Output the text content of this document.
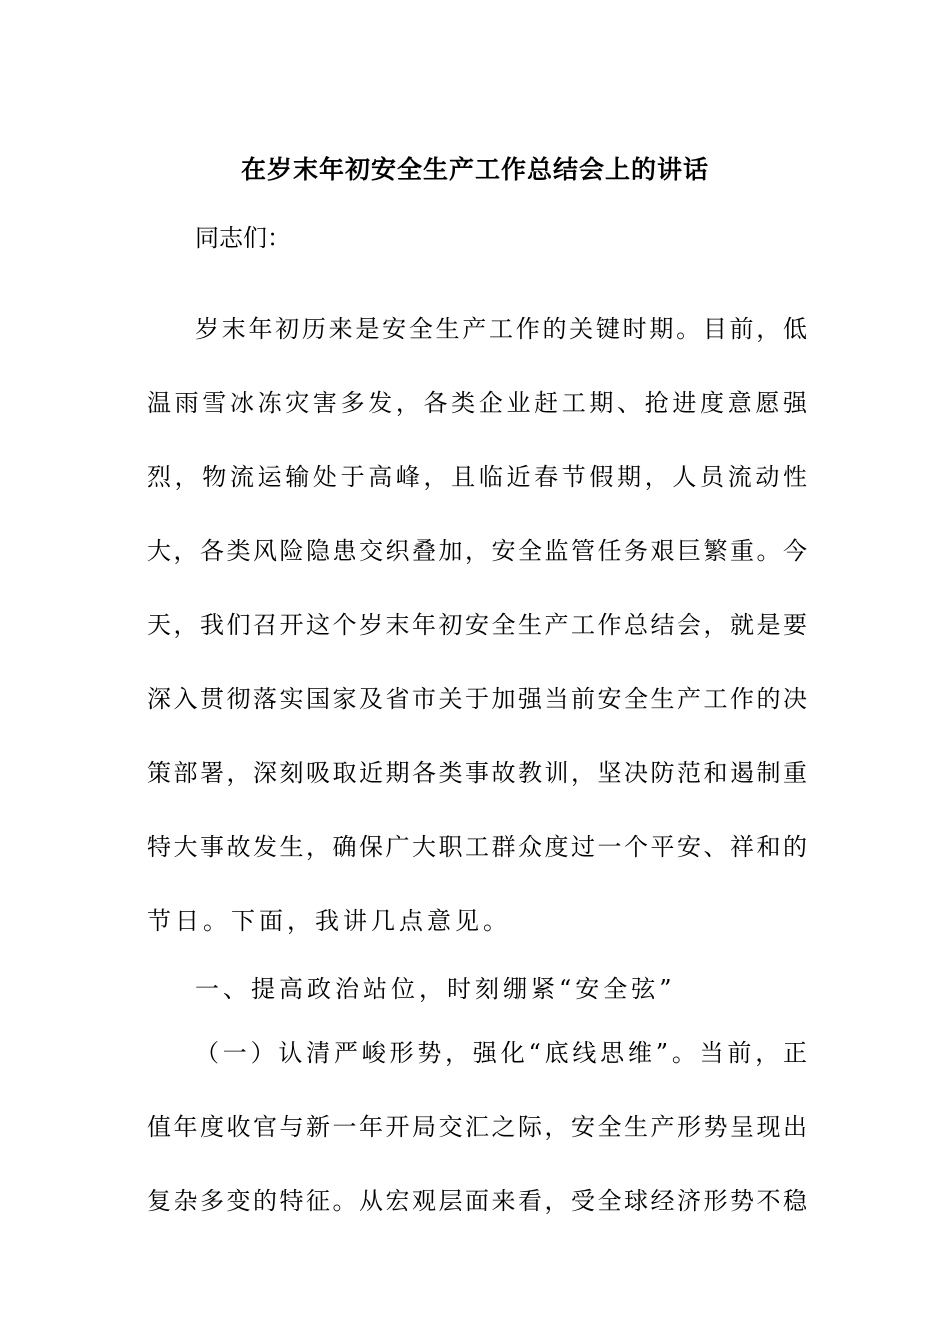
在岁末年初安全生产工作总结会上的讲话
同志们：
岁末年初历来是安全生产工作的关键时期。目前，低
温雨雪冰冻灾害多发，各类企业赶工期、抢进度意愿强
烈，物流运输处于高峰，且临近春节假期，人员流动性
大，各类风险隐患交织叠加，安全监管任务艰巨繁重。今
天，我们召开这个岁末年初安全生产工作总结会，就是要
深入贯彻落实国家及省市关于加强当前安全生产工作的决
策部署，深刻吸取近期各类事故教训，坚决防范和遏制重
特大事故发生，确保广大职工群众度过一个平安、祥和的
节日。下面，我讲几点意见。
一、提高政治站位，时刻绷紧“安全弦”
（一）认清严峻形势，强化“底线思维”。当前，正
值年度收官与新一年开局交汇之际，安全生产形势呈现出
复杂多变的特征。从宏观层面来看，受全球经济形势不稳
